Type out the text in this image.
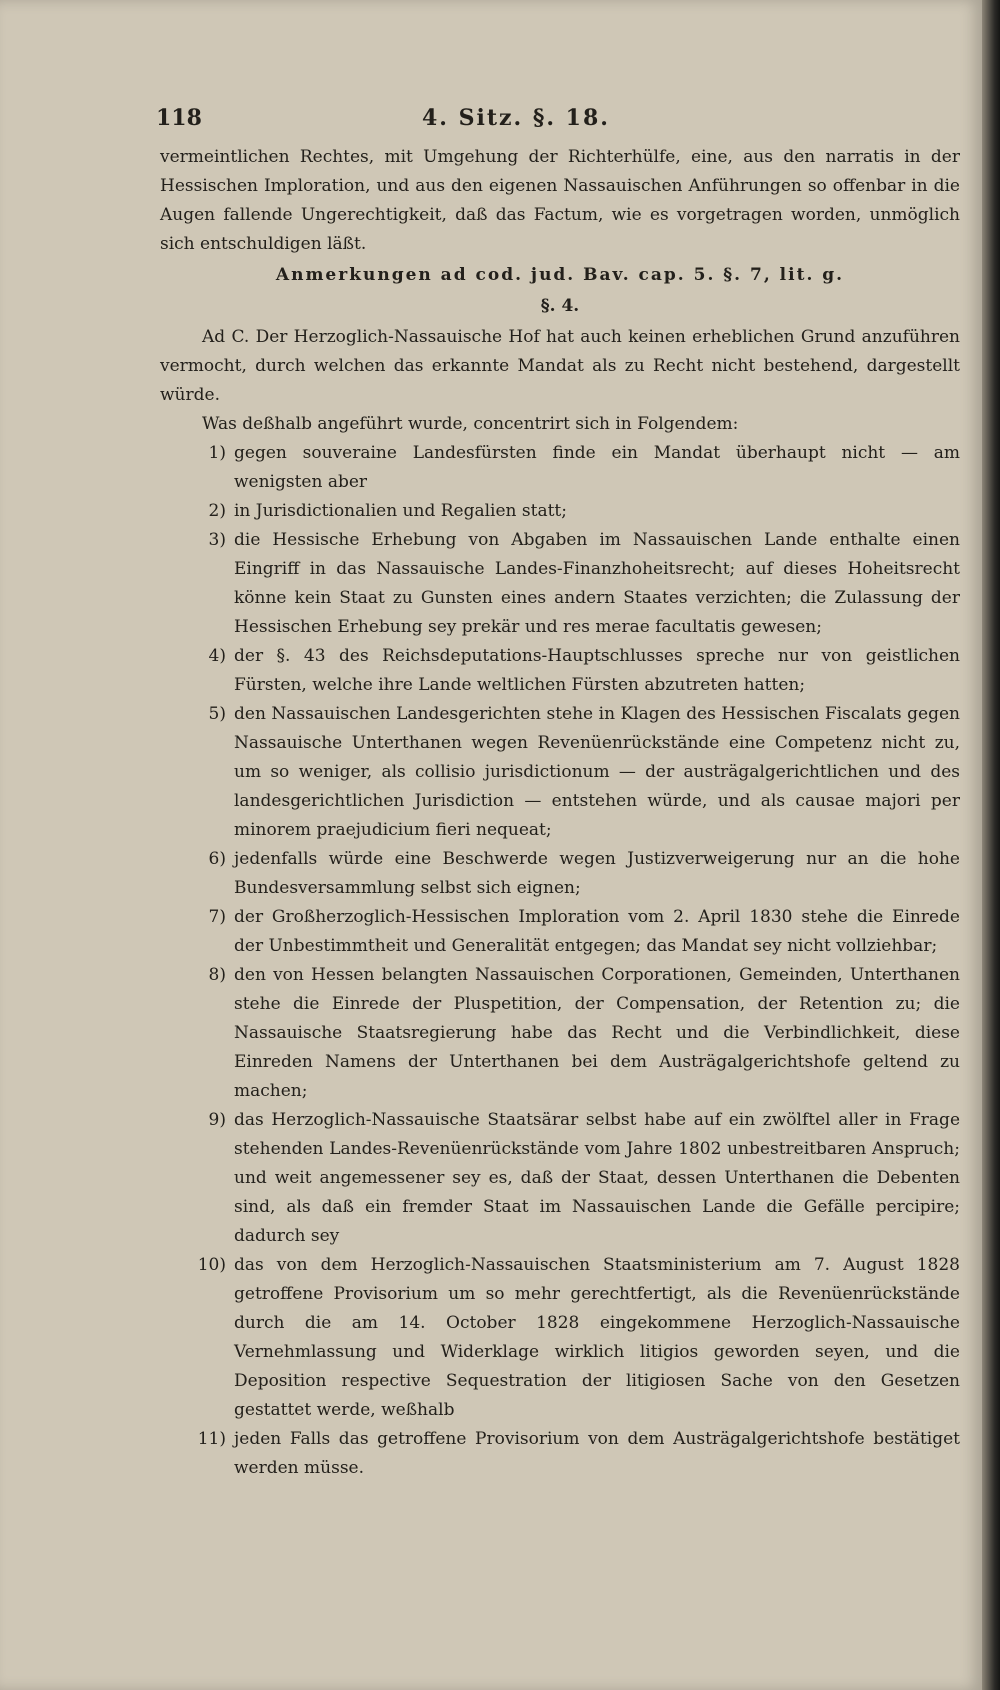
118	4. Sitz. §. 18.

vermeintlichen Rechtes, mit Umgehung der Richterhülfe, eine, aus den narratis in der Hessischen Imploration, und aus den eigenen Nassauischen Anführungen so offenbar in die Augen fallende Ungerechtigkeit, daß das Factum, wie es vorgetragen worden, unmöglich sich entschuldigen läßt.

Anmerkungen ad cod. jud. Bav. cap. 5. §. 7, lit. g.

§. 4.

Ad C. Der Herzoglich-Nassauische Hof hat auch keinen erheblichen Grund anzuführen vermocht, durch welchen das erkannte Mandat als zu Recht nicht bestehend, dargestellt würde.

Was deßhalb angeführt wurde, concentrirt sich in Folgendem:

1) gegen souveraine Landesfürsten finde ein Mandat überhaupt nicht — am wenigsten aber
2) in Jurisdictionalien und Regalien statt;
3) die Hessische Erhebung von Abgaben im Nassauischen Lande enthalte einen Eingriff in das Nassauische Landes-Finanzhoheitsrecht; auf dieses Hoheitsrecht könne kein Staat zu Gunsten eines andern Staates verzichten; die Zulassung der Hessischen Erhebung sey prekär und res merae facultatis gewesen;
4) der §. 43 des Reichsdeputations-Hauptschlusses spreche nur von geistlichen Fürsten, welche ihre Lande weltlichen Fürsten abzutreten hatten;
5) den Nassauischen Landesgerichten stehe in Klagen des Hessischen Fiscalats gegen Nassauische Unterthanen wegen Revenüenrückstände eine Competenz nicht zu, um so weniger, als collisio jurisdictionum — der austrägalgerichtlichen und des landesgerichtlichen Jurisdiction — entstehen würde, und als causae majori per minorem praejudicium fieri nequeat;
6) jedenfalls würde eine Beschwerde wegen Justizverweigerung nur an die hohe Bundesversammlung selbst sich eignen;
7) der Großherzoglich-Hessischen Imploration vom 2. April 1830 stehe die Einrede der Unbestimmtheit und Generalität entgegen; das Mandat sey nicht vollziehbar;
8) den von Hessen belangten Nassauischen Corporationen, Gemeinden, Unterthanen stehe die Einrede der Pluspetition, der Compensation, der Retention zu; die Nassauische Staatsregierung habe das Recht und die Verbindlichkeit, diese Einreden Namens der Unterthanen bei dem Austrägalgerichtshofe geltend zu machen;
9) das Herzoglich-Nassauische Staatsärar selbst habe auf ein zwölftel aller in Frage stehenden Landes-Revenüenrückstände vom Jahre 1802 unbestreitbaren Anspruch; und weit angemessener sey es, daß der Staat, dessen Unterthanen die Debenten sind, als daß ein fremder Staat im Nassauischen Lande die Gefälle percipire; dadurch sey
10) das von dem Herzoglich-Nassauischen Staatsministerium am 7. August 1828 getroffene Provisorium um so mehr gerechtfertigt, als die Revenüenrückstände durch die am 14. October 1828 eingekommene Herzoglich-Nassauische Vernehmlassung und Widerklage wirklich litigios geworden seyen, und die Deposition respective Sequestration der litigiosen Sache von den Gesetzen gestattet werde, weßhalb
11) jeden Falls das getroffene Provisorium von dem Austrägalgerichtshofe bestätiget werden müsse.
